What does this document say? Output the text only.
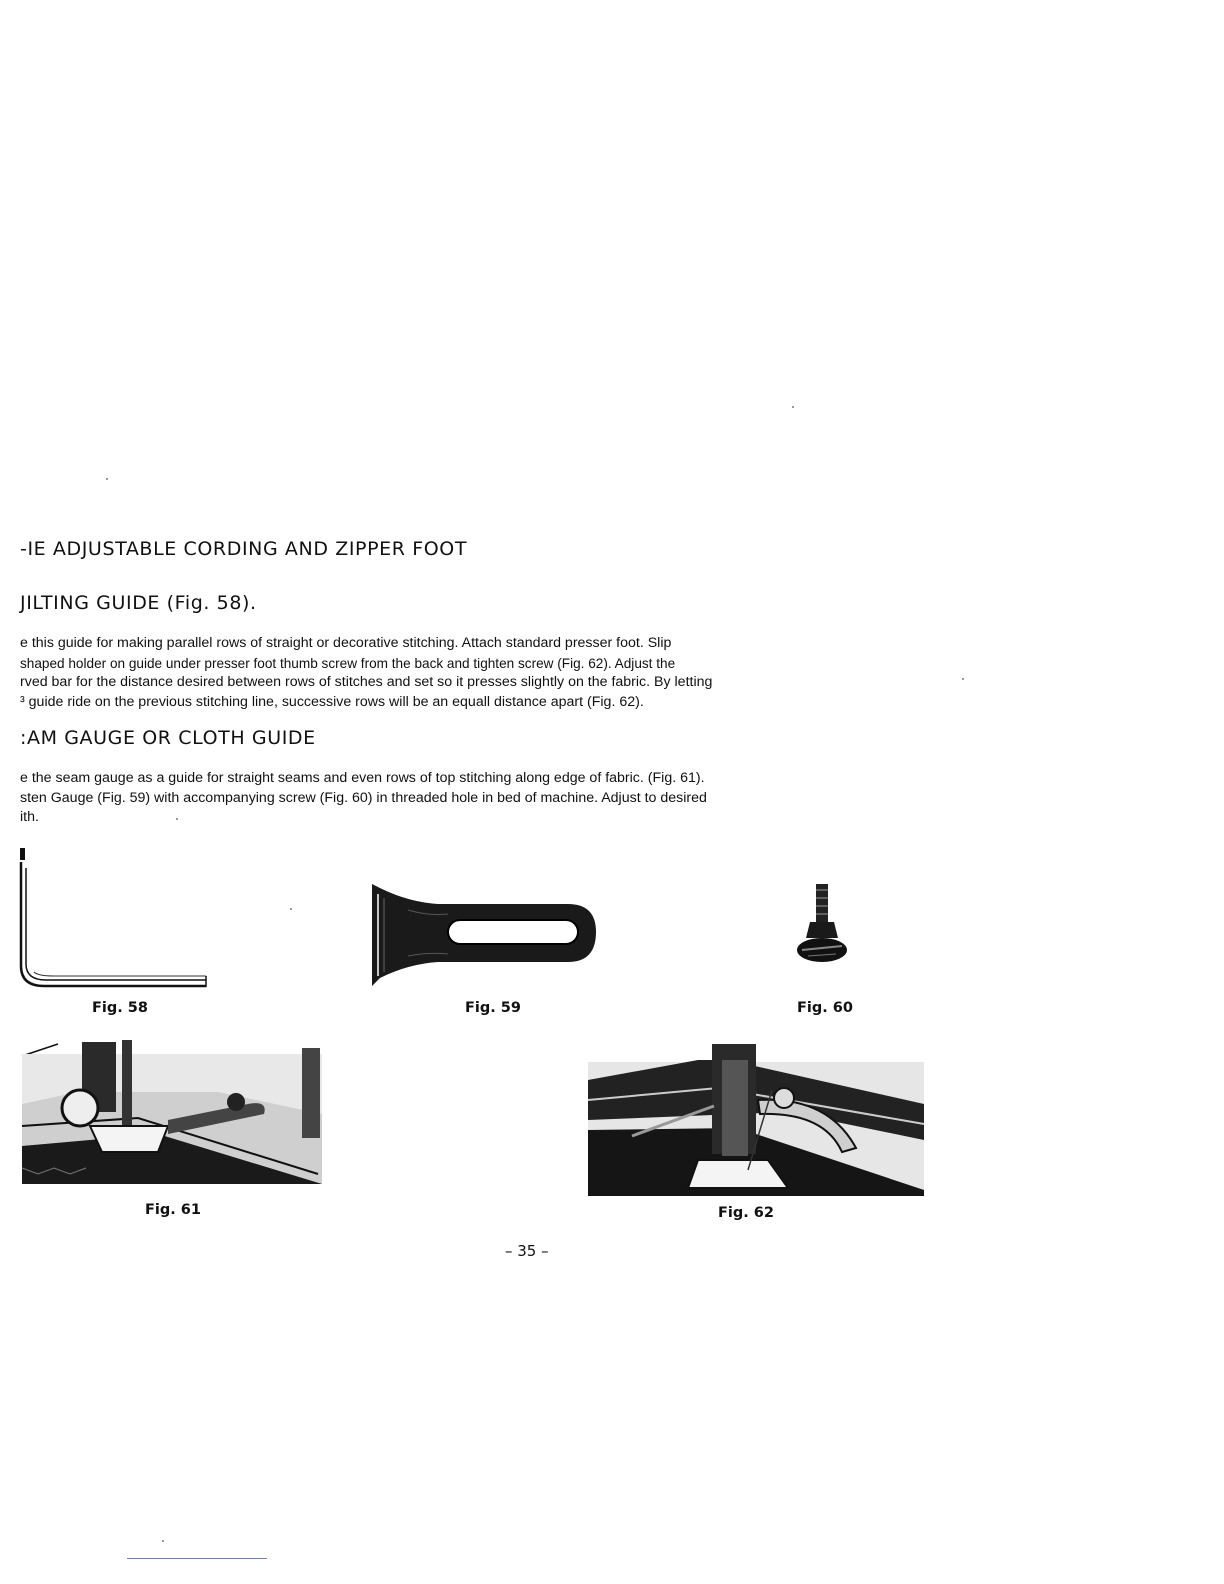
-IE ADJUSTABLE CORDING AND ZIPPER FOOT
JILTING GUIDE (Fig. 58).
e this guide for making parallel rows of straight or decorative stitching. Attach standard presser foot. Slip
shaped holder on guide under presser foot thumb screw from the back and tighten screw (Fig. 62). Adjust the
rved bar for the distance desired between rows of stitches and set so it presses slightly on the fabric. By letting
³ guide ride on the previous stitching line, successive rows will be an equall distance apart (Fig. 62).
:AM GAUGE OR CLOTH GUIDE
e the seam gauge as a guide for straight seams and even rows of top stitching along edge of fabric. (Fig. 61).
sten Gauge (Fig. 59) with accompanying screw (Fig. 60) in threaded hole in bed of machine. Adjust to desired
ith.

Fig. 58	Fig. 59	Fig. 60

Fig. 61	Fig. 62

– 35 –
